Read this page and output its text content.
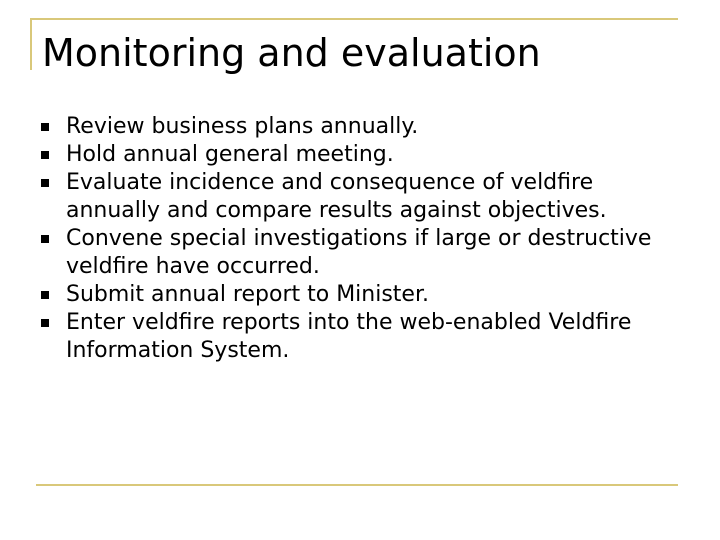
Monitoring and evaluation
Review business plans annually.
Hold annual general meeting.
Evaluate incidence and consequence of veldfire annually and compare results against objectives.
Convene special investigations if large or destructive veldfire have occurred.
Submit annual report to Minister.
Enter veldfire reports into the web-enabled Veldfire Information System.
